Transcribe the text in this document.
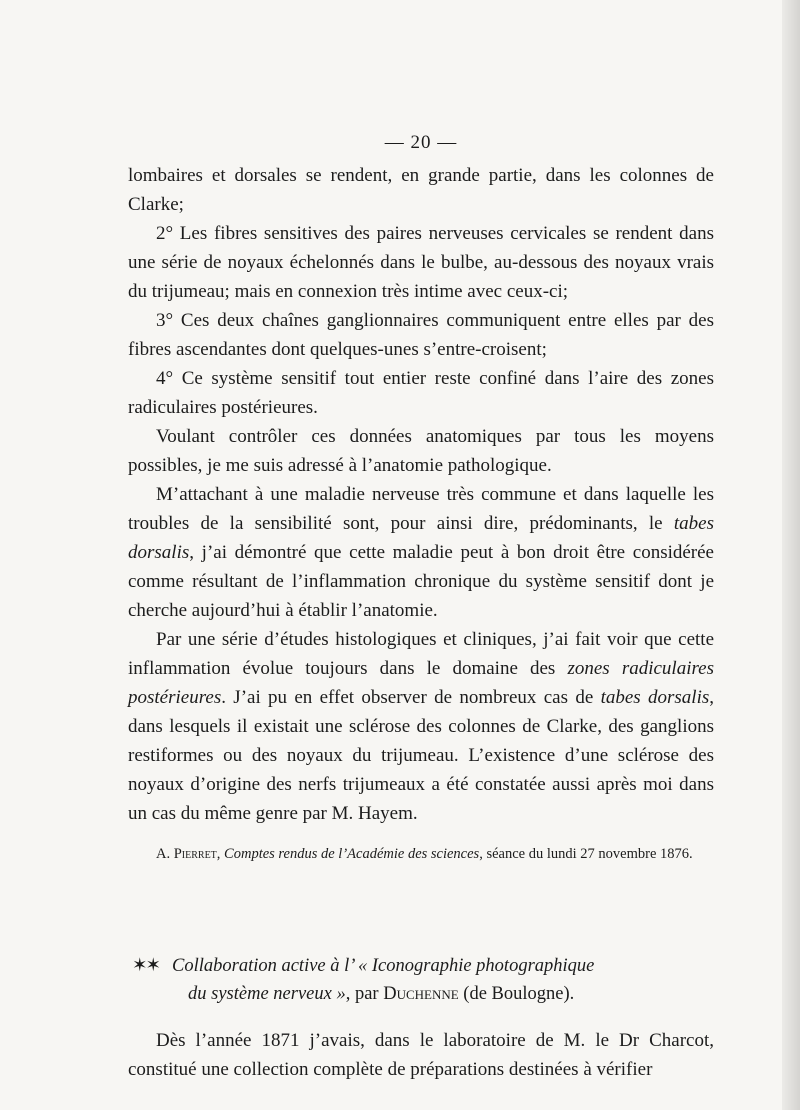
— 20 —

lombaires et dorsales se rendent, en grande partie, dans les colonnes de Clarke;

2° Les fibres sensitives des paires nerveuses cervicales se rendent dans une série de noyaux échelonnés dans le bulbe, au-dessous des noyaux vrais du trijumeau; mais en connexion très intime avec ceux-ci;

3° Ces deux chaînes ganglionnaires communiquent entre elles par des fibres ascendantes dont quelques-unes s’entre-croisent;

4° Ce système sensitif tout entier reste confiné dans l’aire des zones radiculaires postérieures.

Voulant contrôler ces données anatomiques par tous les moyens possibles, je me suis adressé à l’anatomie pathologique.

M’attachant à une maladie nerveuse très commune et dans laquelle les troubles de la sensibilité sont, pour ainsi dire, prédominants, le tabes dorsalis, j’ai démontré que cette maladie peut à bon droit être considérée comme résultant de l’inflammation chronique du système sensitif dont je cherche aujourd’hui à établir l’anatomie.

Par une série d’études histologiques et cliniques, j’ai fait voir que cette inflammation évolue toujours dans le domaine des zones radiculaires postérieures. J’ai pu en effet observer de nombreux cas de tabes dorsalis, dans lesquels il existait une sclérose des colonnes de Clarke, des ganglions restiformes ou des noyaux du trijumeau. L’existence d’une sclérose des noyaux d’origine des nerfs trijumeaux a été constatée aussi après moi dans un cas du même genre par M. Hayem.

A. Pierret, Comptes rendus de l’Académie des sciences, séance du lundi 27 novembre 1876.

✶✶ Collaboration active à l’ « Iconographie photographique
du système nerveux », par Duchenne (de Boulogne).

Dès l’année 1871 j’avais, dans le laboratoire de M. le Dr Charcot, constitué une collection complète de préparations destinées à vérifier
